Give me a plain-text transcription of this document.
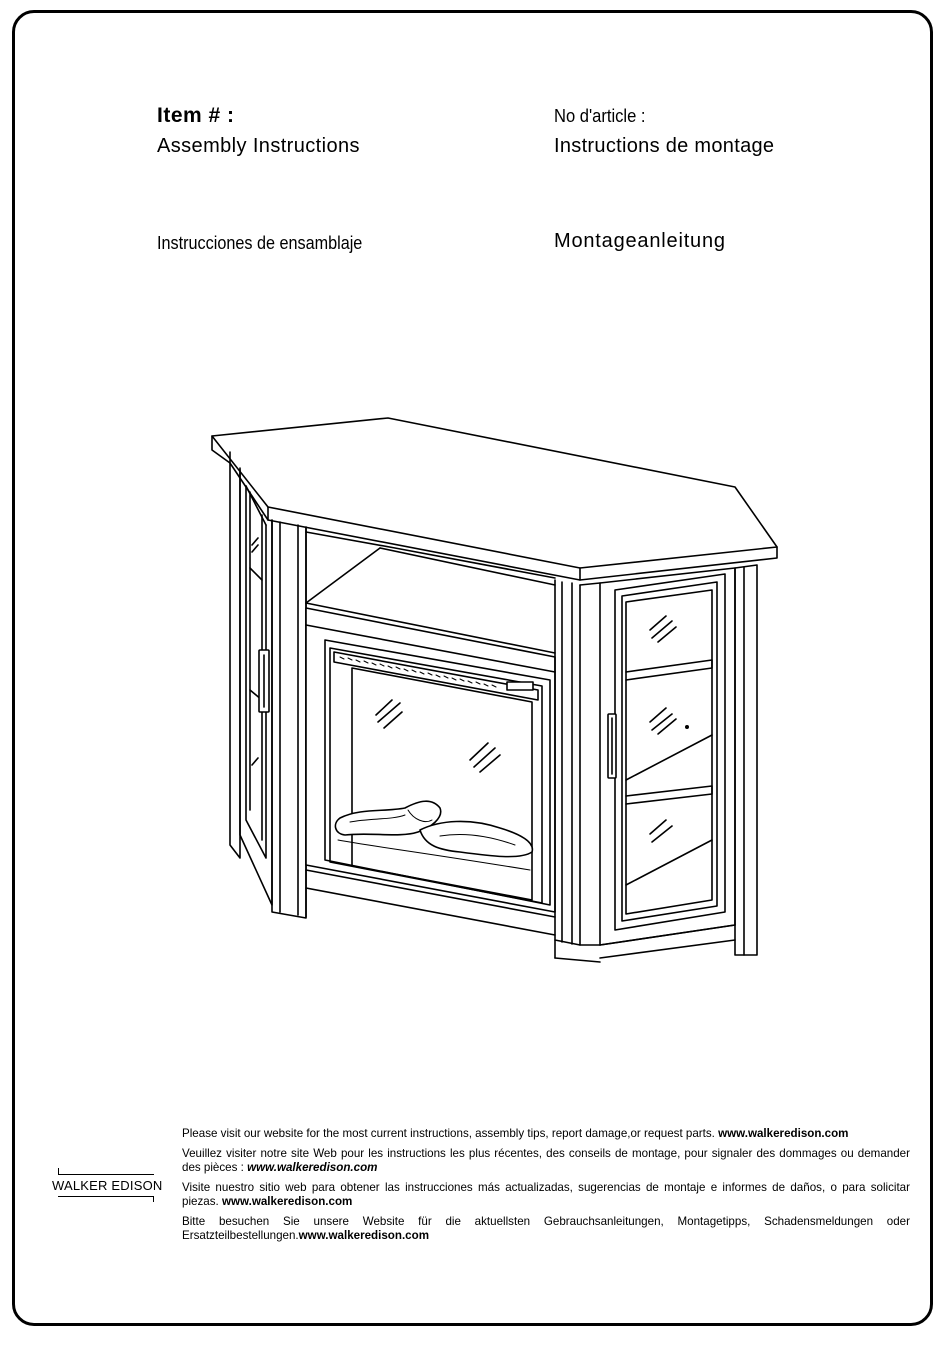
Item # :	No d'article :
Assembly Instructions	Instructions de montage
Instrucciones de ensamblaje	Montageanleitung
WALKER EDISON

Please visit our website for the most current instructions, assembly tips, report damage,or request parts. www.walkeredison.com

Veuillez visiter notre site Web pour les instructions les plus récentes, des conseils de montage, pour signaler des dommages ou demander des pièces : www.walkeredison.com

Visite nuestro sitio web para obtener las instrucciones más actualizadas, sugerencias de montaje e informes de daños, o para solicitar piezas. www.walkeredison.com

Bitte besuchen Sie unsere Website für die aktuellsten Gebrauchsanleitungen, Montagetipps, Schadensmeldungen oder Ersatzteilbestellungen.www.walkeredison.com
